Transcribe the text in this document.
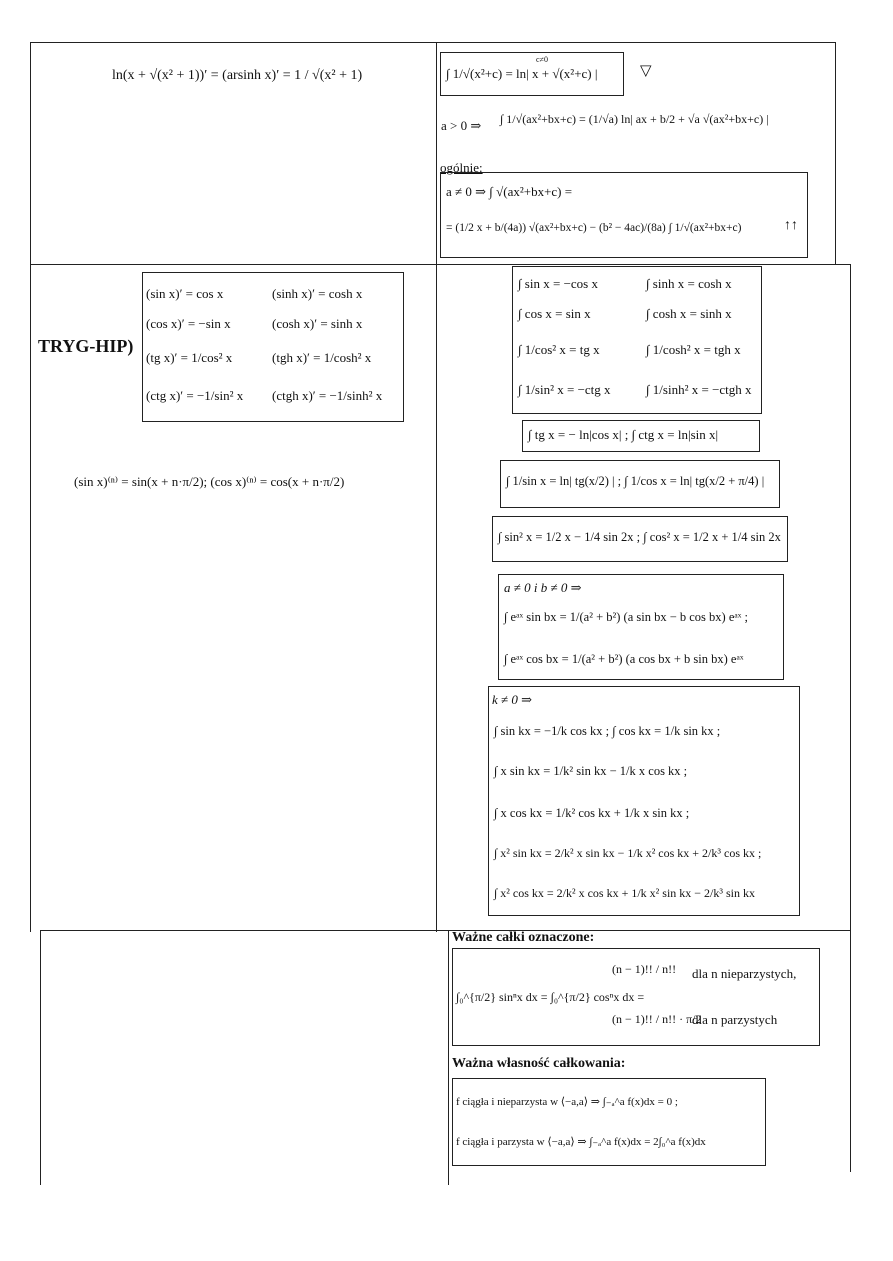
ln(x + √(x² + 1))′ = (arsinh x)′ = 1 / √(x² + 1)
c≠0
∫ 1/√(x²+c) = ln| x + √(x²+c) |	▽
a > 0 ⇒ ∫ 1/√(ax²+bx+c) = (1/√a) ln| ax + b/2 + √a √(ax²+bx+c) |
ogólnie:
a ≠ 0 ⇒ ∫ √(ax²+bx+c) =
= (1/2 x + b/(4a)) √(ax²+bx+c) − (b² − 4ac)/(8a) ∫ 1/√(ax²+bx+c)	↑↑
TRYG-HIP)
(sin x)′ = cos x	(sinh x)′ = cosh x
(cos x)′ = −sin x	(cosh x)′ = sinh x
(tg x)′ = 1/cos² x	(tgh x)′ = 1/cosh² x
(ctg x)′ = −1/sin² x (ctgh x)′ = −1/sinh² x
(sin x)⁽ⁿ⁾ = sin(x + n·π/2); (cos x)⁽ⁿ⁾ = cos(x + n·π/2)
∫ sin x = −cos x	∫ sinh x = cosh x
∫ cos x = sin x	∫ cosh x = sinh x
∫ 1/cos² x = tg x	∫ 1/cosh² x = tgh x
∫ 1/sin² x = −ctg x	∫ 1/sinh² x = −ctgh x
∫ tg x = − ln|cos x| ; ∫ ctg x = ln|sin x|
∫ 1/sin x = ln| tg(x/2) | ; ∫ 1/cos x = ln| tg(x/2 + π/4) |
∫ sin² x = 1/2 x − 1/4 sin 2x ; ∫ cos² x = 1/2 x + 1/4 sin 2x
a ≠ 0 i b ≠ 0 ⇒
∫ eᵃˣ sin bx = 1/(a² + b²) (a sin bx − b cos bx) eᵃˣ ;
∫ eᵃˣ cos bx = 1/(a² + b²) (a cos bx + b sin bx) eᵃˣ
k ≠ 0 ⇒
∫ sin kx = −1/k cos kx ; ∫ cos kx = 1/k sin kx ;
∫ x sin kx = 1/k² sin kx − 1/k x cos kx ;
∫ x cos kx = 1/k² cos kx + 1/k x sin kx ;
∫ x² sin kx = 2/k² x sin kx − 1/k x² cos kx + 2/k³ cos kx ;
∫ x² cos kx = 2/k² x cos kx + 1/k x² sin kx − 2/k³ sin kx
Ważne całki oznaczone:
∫₀^{π/2} sinⁿx dx = ∫₀^{π/2} cosⁿx dx =
(n − 1)!! / n!! dla n nieparzystych,
(n − 1)!! / n!! · π/2
dla n parzystych
Ważna własność całkowania:
f ciągła i nieparzysta w ⟨−a,a⟩ ⇒ ∫₋ₐ^a f(x)dx = 0 ;
f ciągła i parzysta w ⟨−a,a⟩ ⇒ ∫₋ₐ^a f(x)dx = 2∫₀^a f(x)dx
